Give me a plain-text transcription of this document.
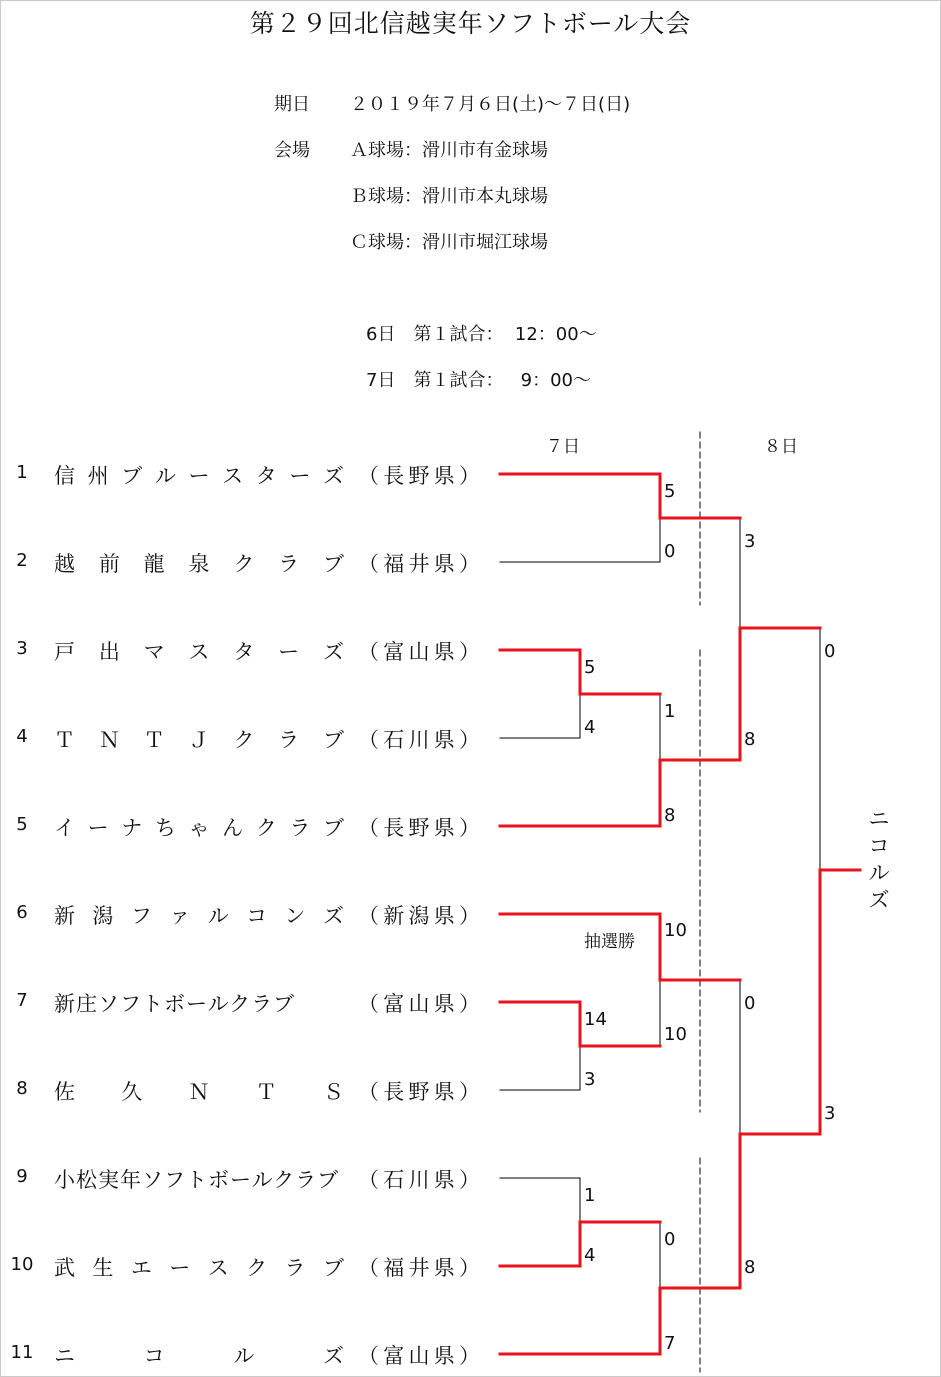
第２９回北信越実年ソフトボール大会
期日 ２０１９年７月６日(土)～７日(日)
会場 Ａ球場：滑川市有金球場
Ｂ球場：滑川市本丸球場
Ｃ球場：滑川市堀江球場
6日　第１試合：  12：00～
7日　第１試合：   9：00～
７日	８日
1	信 州 ブ ル ー ス タ ー ズ （ 長 野 県 ）
2	越 前 龍 泉 ク ラ ブ （ 福 井 県 ）
3	戸 出 マ ス タ ー ズ （ 富 山 県 ）
4	Ｔ Ｎ Ｔ Ｊ ク ラ ブ （ 石 川 県 ）
5	イ ー ナ ち ゃ ん ク ラ ブ （ 長 野 県 ）
6	新 潟 フ ァ ル コ ン ズ （ 新 潟 県 ）
7	新庄ソフトボールクラブ	（ 富 山 県 ）
8	佐 久 Ｎ Ｔ Ｓ （ 長 野 県 ）
9	小松実年ソフトボールクラブ （ 石 川 県 ）
10 武 生 エ ー ス ク ラ ブ （ 福 井 県 ）
11 ニ	コ	ル	ズ （ 富 山 県 ）
5
0
5
4
1
8
3
8
0
10
抽選勝
14
3
10
0
3
1
4
0
7
8
ニ
コ
ル
ズ
